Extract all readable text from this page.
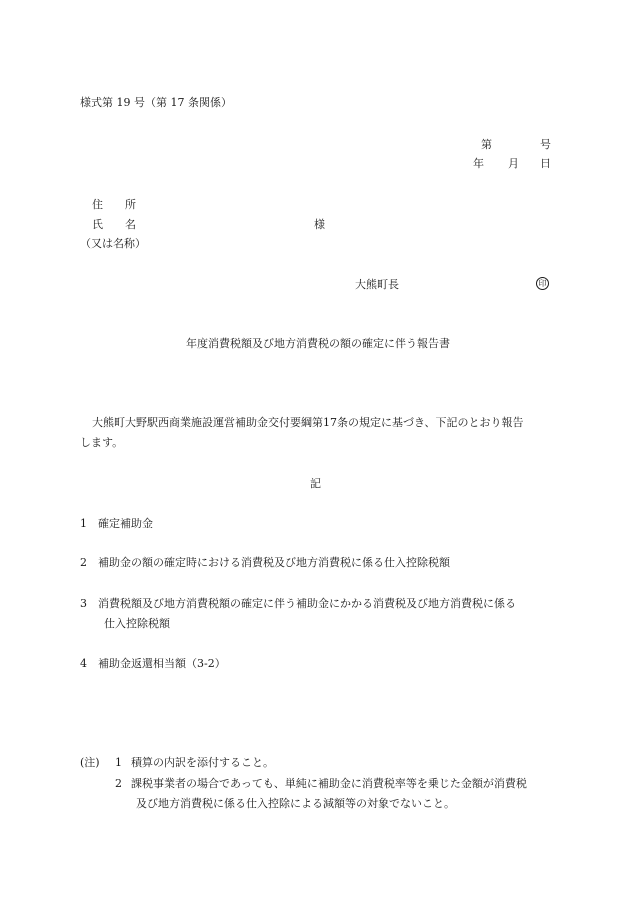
様式第 19 号（第 17 条関係）
第	号
年 月 日
住　　所
氏　　名	様
（又は名称）
大熊町長	印
年度消費税額及び地方消費税の額の確定に伴う報告書
大熊町大野駅西商業施設運営補助金交付要綱第17条の規定に基づき、下記のとおり報告
します。
記
1 確定補助金
2 補助金の額の確定時における消費税及び地方消費税に係る仕入控除税額
3 消費税額及び地方消費税額の確定に伴う補助金にかかる消費税及び地方消費税に係る
仕入控除税額
4 補助金返還相当額（3-2）
(注) 1 積算の内訳を添付すること。
2 課税事業者の場合であっても、単純に補助金に消費税率等を乗じた金額が消費税
及び地方消費税に係る仕入控除による減額等の対象でないこと。
